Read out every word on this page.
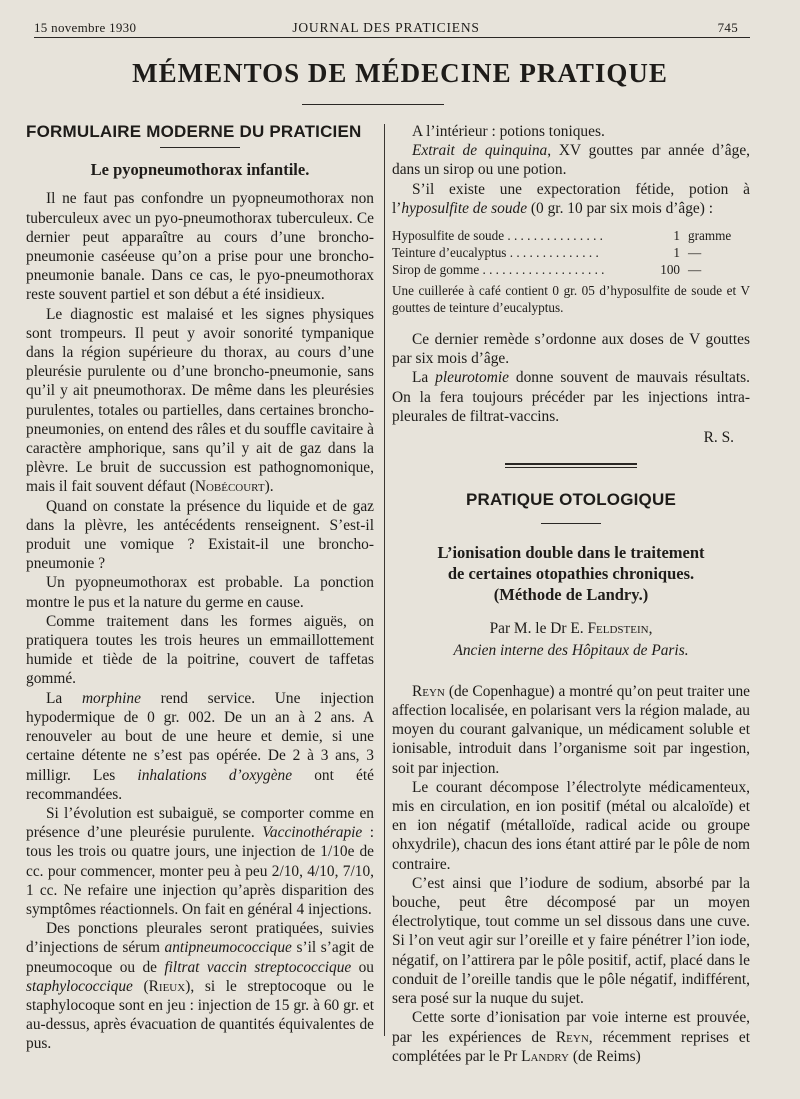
15 novembre 1930	JOURNAL DES PRATICIENS	745
MÉMENTOS DE MÉDECINE PRATIQUE
FORMULAIRE MODERNE DU PRATICIEN
Le pyopneumothorax infantile.

Il ne faut pas confondre un pyopneumothorax non tuberculeux avec un pyo-pneumothorax tuberculeux. Ce dernier peut apparaître au cours d’une broncho-pneumonie caséeuse qu’on a prise pour une broncho-pneumonie banale. Dans ce cas, le pyo-pneumothorax reste souvent partiel et son début a été insidieux.

Le diagnostic est malaisé et les signes physiques sont trompeurs. Il peut y avoir sonorité tympanique dans la région supérieure du thorax, au cours d’une pleurésie purulente ou d’une broncho-pneumonie, sans qu’il y ait pneumothorax. De même dans les pleurésies purulentes, totales ou partielles, dans certaines broncho-pneumonies, on entend des râles et du souffle cavitaire à caractère amphorique, sans qu’il y ait de gaz dans la plèvre. Le bruit de succussion est pathognomonique, mais il fait souvent défaut (Nobécourt).

Quand on constate la présence du liquide et de gaz dans la plèvre, les antécédents renseignent. S’est-il produit une vomique ? Existait-il une broncho-pneumonie ?

Un pyopneumothorax est probable. La ponction montre le pus et la nature du germe en cause.

Comme traitement dans les formes aiguës, on pratiquera toutes les trois heures un emmaillottement humide et tiède de la poitrine, couvert de taffetas gommé.

La morphine rend service. Une injection hypodermique de 0 gr. 002. De un an à 2 ans. A renouveler au bout de une heure et demie, si une certaine détente ne s’est pas opérée. De 2 à 3 ans, 3 milligr. Les inhalations d’oxygène ont été recommandées.

Si l’évolution est subaiguë, se comporter comme en présence d’une pleurésie purulente. Vaccinothérapie : tous les trois ou quatre jours, une injection de 1/10e de cc. pour commencer, monter peu à peu 2/10, 4/10, 7/10, 1 cc. Ne refaire une injection qu’après disparition des symptômes réactionnels. On fait en général 4 injections.

Des ponctions pleurales seront pratiquées, suivies d’injections de sérum antipneumococcique s’il s’agit de pneumocoque ou de filtrat vaccin streptococcique ou staphylococcique (Rieux), si le streptocoque ou le staphylocoque sont en jeu : injection de 15 gr. à 60 gr. et au-dessus, après évacuation de quantités équivalentes de pus.

A l’intérieur : potions toniques.

Extrait de quinquina, XV gouttes par année d’âge, dans un sirop ou une potion.

S’il existe une expectoration fétide, potion à l’hyposulfite de soude (0 gr. 10 par six mois d’âge) :

Hyposulfite de soude . . . . . . . . . . . . . . .	1 gramme
Teinture d’eucalyptus . . . . . . . . . . . . . .	1 —
Sirop de gomme . . . . . . . . . . . . . . . . . . .	100 —
Une cuillerée à café contient 0 gr. 05 d’hyposulfite de soude et V gouttes de teinture d’eucalyptus.

Ce dernier remède s’ordonne aux doses de V gouttes par six mois d’âge.

La pleurotomie donne souvent de mauvais résultats. On la fera toujours précéder par les injections intra-pleurales de filtrat-vaccins.

R. S.
PRATIQUE OTOLOGIQUE
L’ionisation double dans le traitement
de certaines otopathies chroniques.
(Méthode de Landry.)
Par M. le Dr E. Feldstein,
Ancien interne des Hôpitaux de Paris.

Reyn (de Copenhague) a montré qu’on peut traiter une affection localisée, en polarisant vers la région malade, au moyen du courant galvanique, un médicament soluble et ionisable, introduit dans l’organisme soit par ingestion, soit par injection.

Le courant décompose l’électrolyte médicamenteux, mis en circulation, en ion positif (métal ou alcaloïde) et en ion négatif (métalloïde, radical acide ou groupe ohxydrile), chacun des ions étant attiré par le pôle de nom contraire.

C’est ainsi que l’iodure de sodium, absorbé par la bouche, peut être décomposé par un moyen électrolytique, tout comme un sel dissous dans une cuve. Si l’on veut agir sur l’oreille et y faire pénétrer l’ion iode, négatif, on l’attirera par le pôle positif, actif, placé dans le conduit de l’oreille tandis que le pôle négatif, indifférent, sera posé sur la nuque du sujet.

Cette sorte d’ionisation par voie interne est prouvée, par les expériences de Reyn, récemment reprises et complétées par le Pr Landry (de Reims)
